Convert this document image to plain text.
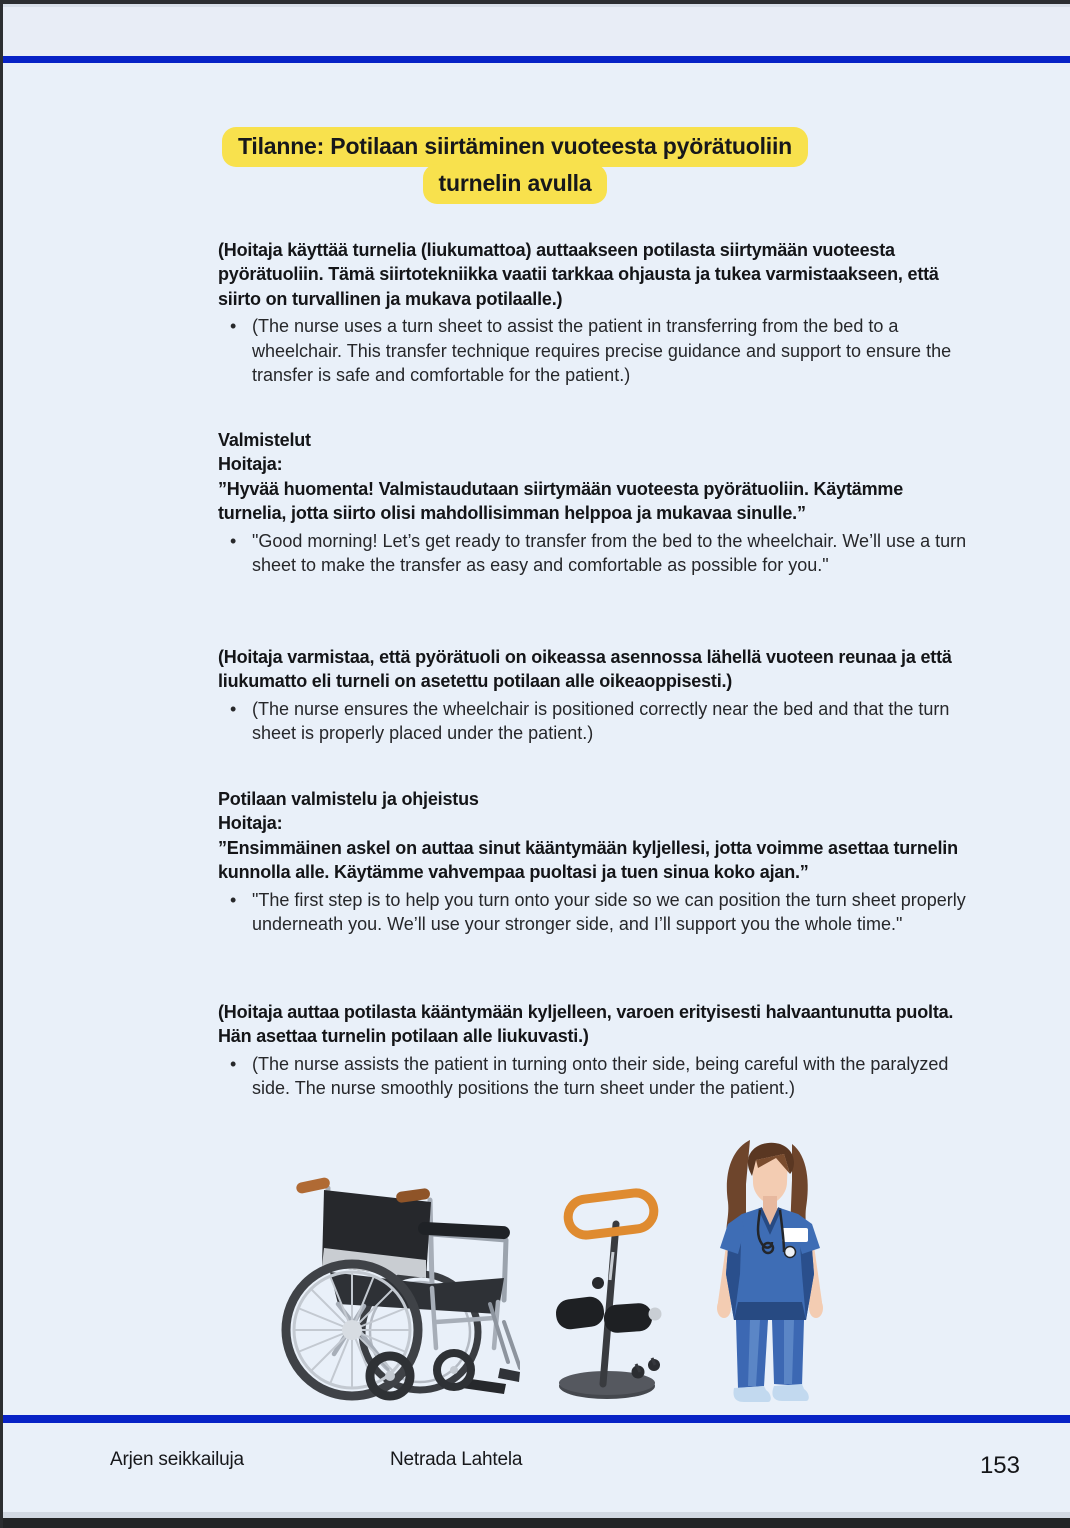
Tilanne: Potilaan siirtäminen vuoteesta pyörätuoliin
turnelin avulla

(Hoitaja käyttää turnelia (liukumattoa) auttaakseen potilasta siirtymään vuoteesta pyörätuoliin. Tämä siirtotekniikka vaatii tarkkaa ohjausta ja tukea varmistaakseen, että siirto on turvallinen ja mukava potilaalle.)

• (The nurse uses a turn sheet to assist the patient in transferring from the bed to a wheelchair. This transfer technique requires precise guidance and support to ensure the transfer is safe and comfortable for the patient.)

Valmistelut

Hoitaja:

”Hyvää huomenta! Valmistaudutaan siirtymään vuoteesta pyörätuoliin. Käytämme turnelia, jotta siirto olisi mahdollisimman helppoa ja mukavaa sinulle.”

• "Good morning! Let’s get ready to transfer from the bed to the wheelchair. We’ll use a turn sheet to make the transfer as easy and comfortable as possible for you."

(Hoitaja varmistaa, että pyörätuoli on oikeassa asennossa lähellä vuoteen reunaa ja että liukumatto eli turneli on asetettu potilaan alle oikeaoppisesti.)

• (The nurse ensures the wheelchair is positioned correctly near the bed and that the turn sheet is properly placed under the patient.)

Potilaan valmistelu ja ohjeistus

Hoitaja:

”Ensimmäinen askel on auttaa sinut kääntymään kyljellesi, jotta voimme asettaa turnelin kunnolla alle. Käytämme vahvempaa puoltasi ja tuen sinua koko ajan.”

• "The first step is to help you turn onto your side so we can position the turn sheet properly underneath you. We’ll use your stronger side, and I’ll support you the whole time."

(Hoitaja auttaa potilasta kääntymään kyljelleen, varoen erityisesti halvaantunutta puolta. Hän asettaa turnelin potilaan alle liukuvasti.)

• (The nurse assists the patient in turning onto their side, being careful with the paralyzed side. The nurse smoothly positions the turn sheet under the patient.)

Arjen seikkailuja	Netrada Lahtela	153
